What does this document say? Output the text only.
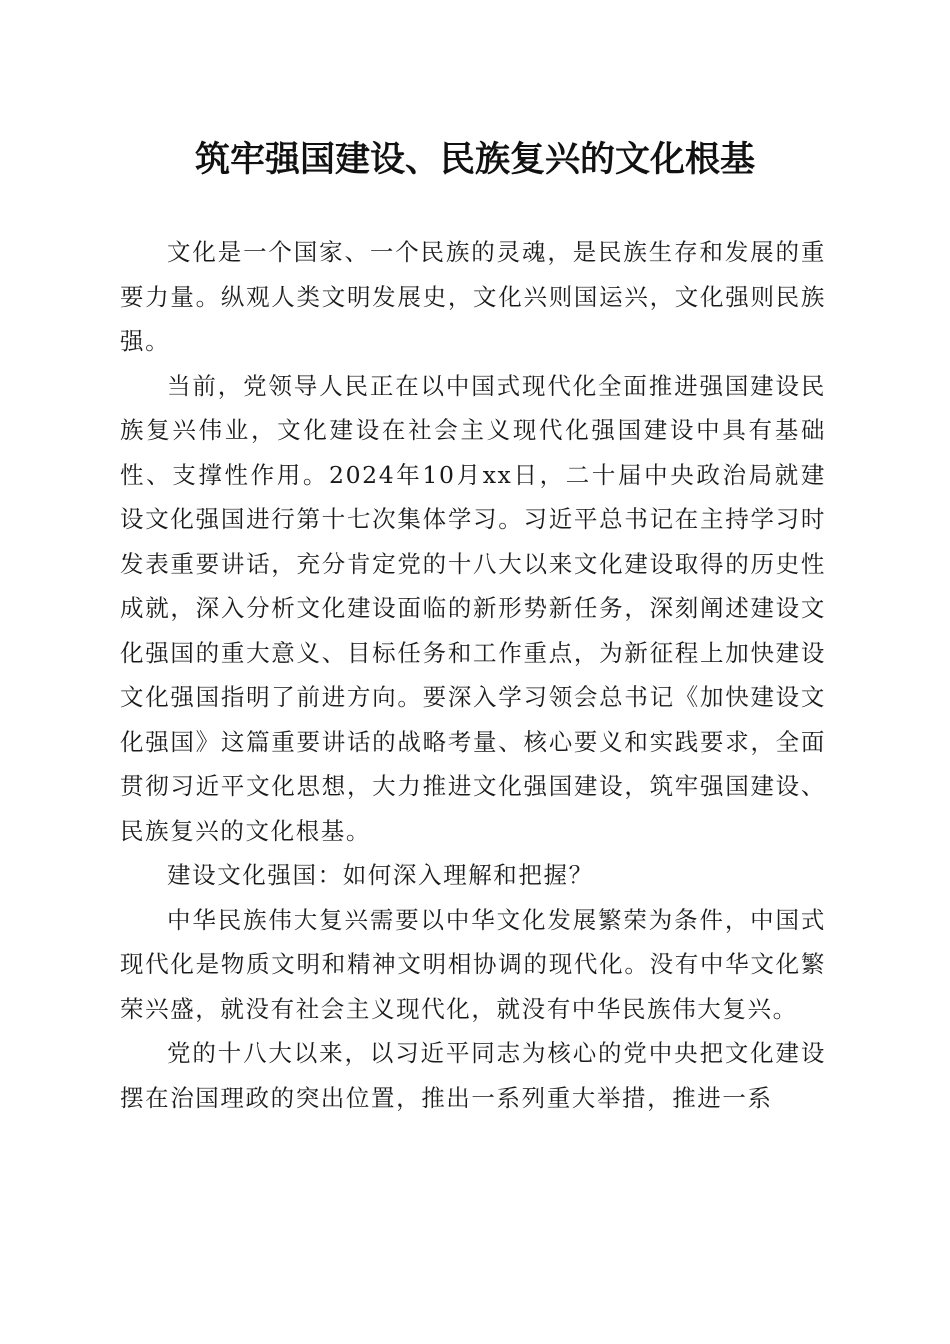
筑牢强国建设、民族复兴的文化根基

文化是一个国家、一个民族的灵魂，是民族生存和发展的重要力量。纵观人类文明发展史，文化兴则国运兴，文化强则民族强。

当前，党领导人民正在以中国式现代化全面推进强国建设民族复兴伟业，文化建设在社会主义现代化强国建设中具有基础性、支撑性作用。2024年10月xx日，二十届中央政治局就建设文化强国进行第十七次集体学习。习近平总书记在主持学习时发表重要讲话，充分肯定党的十八大以来文化建设取得的历史性成就，深入分析文化建设面临的新形势新任务，深刻阐述建设文化强国的重大意义、目标任务和工作重点，为新征程上加快建设文化强国指明了前进方向。要深入学习领会总书记《加快建设文化强国》这篇重要讲话的战略考量、核心要义和实践要求，全面贯彻习近平文化思想，大力推进文化强国建设，筑牢强国建设、民族复兴的文化根基。

建设文化强国：如何深入理解和把握？

中华民族伟大复兴需要以中华文化发展繁荣为条件，中国式现代化是物质文明和精神文明相协调的现代化。没有中华文化繁荣兴盛，就没有社会主义现代化，就没有中华民族伟大复兴。

党的十八大以来，以习近平同志为核心的党中央把文化建设摆在治国理政的突出位置，推出一系列重大举措，推进一系
